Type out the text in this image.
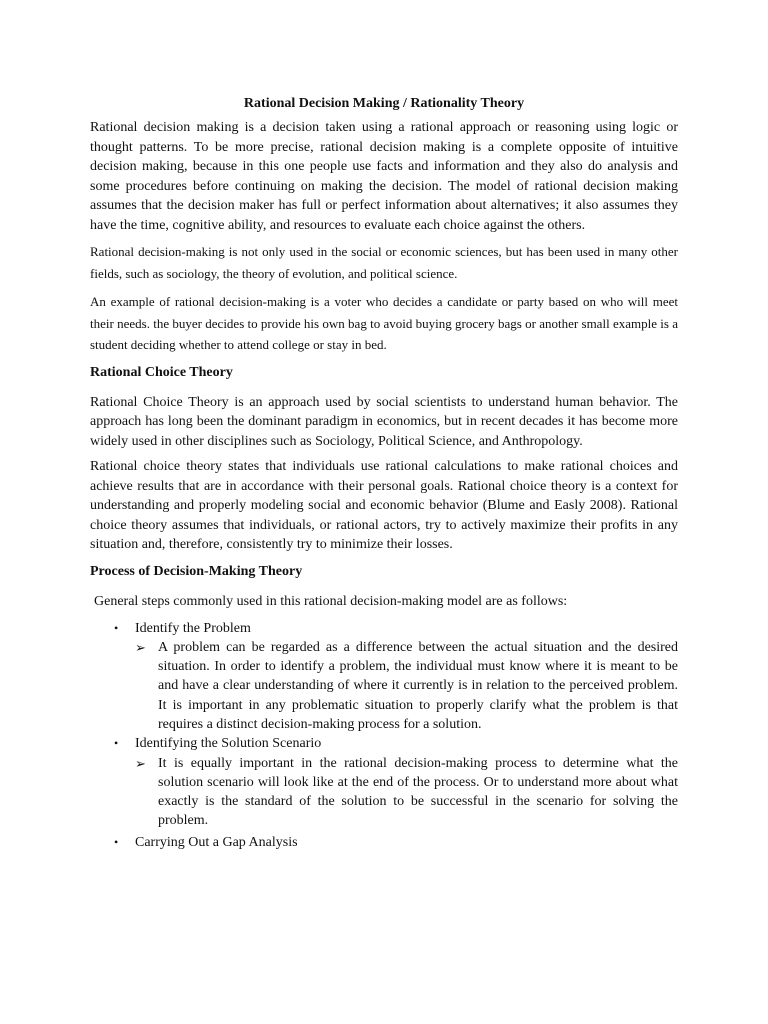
Rational Decision Making / Rationality Theory

Rational decision making is a decision taken using a rational approach or reasoning using logic or thought patterns. To be more precise, rational decision making is a complete opposite of intuitive decision making, because in this one people use facts and information and they also do analysis and some procedures before continuing on making the decision. The model of rational decision making assumes that the decision maker has full or perfect information about alternatives; it also assumes they have the time, cognitive ability, and resources to evaluate each choice against the others.

Rational decision-making is not only used in the social or economic sciences, but has been used in many other fields, such as sociology, the theory of evolution, and political science.

An example of rational decision-making is a voter who decides a candidate or party based on who will meet their needs. the buyer decides to provide his own bag to avoid buying grocery bags or another small example is a student deciding whether to attend college or stay in bed.

Rational Choice Theory

Rational Choice Theory is an approach used by social scientists to understand human behavior. The approach has long been the dominant paradigm in economics, but in recent decades it has become more widely used in other disciplines such as Sociology, Political Science, and Anthropology.

Rational choice theory states that individuals use rational calculations to make rational choices and achieve results that are in accordance with their personal goals. Rational choice theory is a context for understanding and properly modeling social and economic behavior (Blume and Easly 2008). Rational choice theory assumes that individuals, or rational actors, try to actively maximize their profits in any situation and, therefore, consistently try to minimize their losses.

Process of Decision-Making Theory
General steps commonly used in this rational decision-making model are as follows:
• Identify the Problem
➢ A problem can be regarded as a difference between the actual situation and the desired situation. In order to identify a problem, the individual must know where it is meant to be and have a clear understanding of where it currently is in relation to the perceived problem. It is important in any problematic situation to properly clarify what the problem is that requires a distinct decision-making process for a solution.
• Identifying the Solution Scenario
➢ It is equally important in the rational decision-making process to determine what the solution scenario will look like at the end of the process. Or to understand more about what exactly is the standard of the solution to be successful in the scenario for solving the problem.
• Carrying Out a Gap Analysis
